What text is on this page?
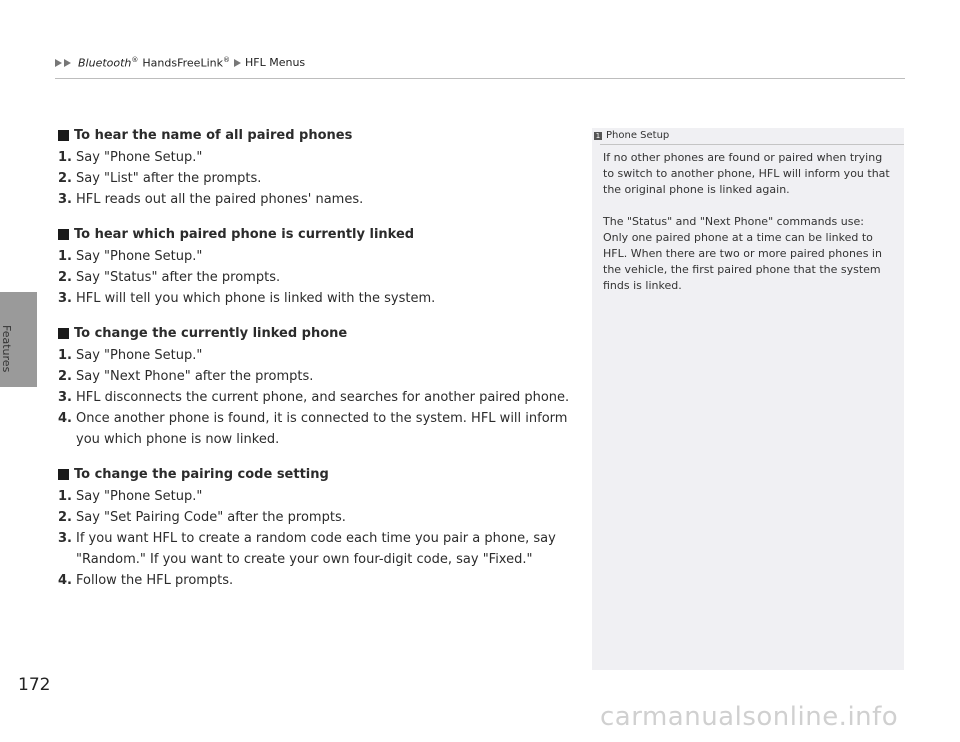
Bluetooth® HandsFreeLink® HFL Menus
Features
172
To hear the name of all paired phones
1. Say "Phone Setup."
2. Say "List" after the prompts.
3. HFL reads out all the paired phones' names.
To hear which paired phone is currently linked
1. Say "Phone Setup."
2. Say "Status" after the prompts.
3. HFL will tell you which phone is linked with the system.
To change the currently linked phone
1. Say "Phone Setup."
2. Say "Next Phone" after the prompts.
3. HFL disconnects the current phone, and searches for another paired phone.
4. Once another phone is found, it is connected to the system. HFL will inform you which phone is now linked.
To change the pairing code setting
1. Say "Phone Setup."
2. Say "Set Pairing Code" after the prompts.
3. If you want HFL to create a random code each time you pair a phone, say "Random." If you want to create your own four-digit code, say "Fixed."
4. Follow the HFL prompts.
1 Phone Setup

If no other phones are found or paired when trying to switch to another phone, HFL will inform you that the original phone is linked again.

The "Status" and "Next Phone" commands use: Only one paired phone at a time can be linked to HFL. When there are two or more paired phones in the vehicle, the first paired phone that the system finds is linked.

carmanualsonline.info
